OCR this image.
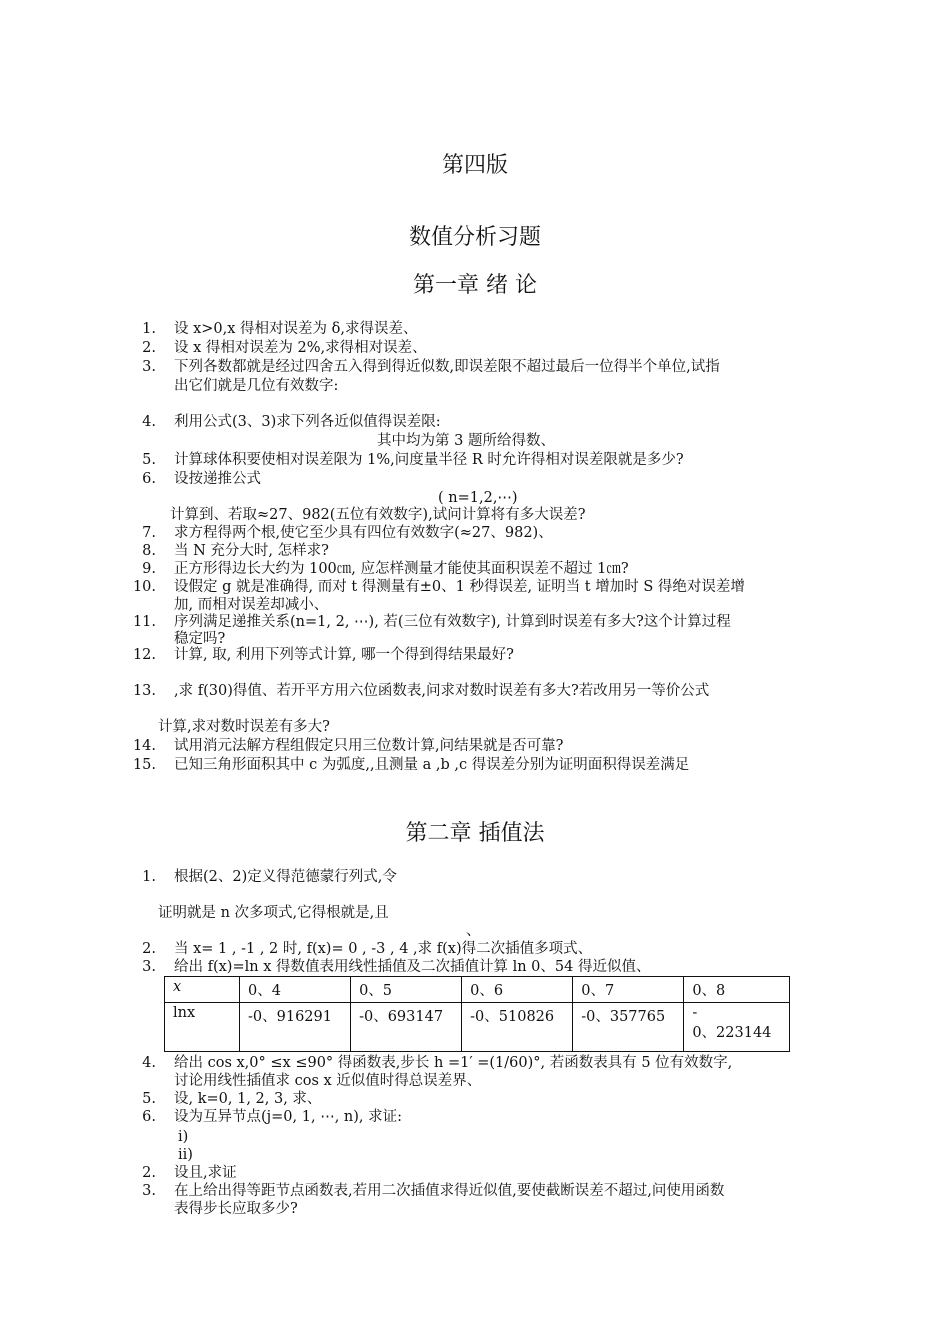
第四版
数值分析习题
第一章 绪 论
1. 设 x>0,x 得相对误差为 δ,求得误差、
2. 设 x 得相对误差为 2%,求得相对误差、
3. 下列各数都就是经过四舍五入得到得近似数,即误差限不超过最后一位得半个单位,试指
出它们就是几位有效数字:
4. 利用公式(3、3)求下列各近似值得误差限:
其中均为第 3 题所给得数、
5. 计算球体积要使相对误差限为 1%,问度量半径 R 时允许得相对误差限就是多少?
6. 设按递推公式
( n=1,2,⋯)
计算到、若取≈27、982(五位有效数字),试问计算将有多大误差?
7. 求方程得两个根,使它至少具有四位有效数字(≈27、982)、
8. 当 N 充分大时, 怎样求?
9. 正方形得边长大约为 100㎝, 应怎样测量才能使其面积误差不超过 1㎝?
10. 设假定 g 就是准确得, 而对 t 得测量有±0、1 秒得误差, 证明当 t 增加时 S 得绝对误差增
加, 而相对误差却减小、
11. 序列满足递推关系(n=1, 2, ⋯), 若(三位有效数字), 计算到时误差有多大?这个计算过程
稳定吗?
12. 计算, 取, 利用下列等式计算, 哪一个得到得结果最好?
13. ,求 f(30)得值、若开平方用六位函数表,问求对数时误差有多大?若改用另一等价公式
计算,求对数时误差有多大?
14. 试用消元法解方程组假定只用三位数计算,问结果就是否可靠?
15. 已知三角形面积其中 c 为弧度,,且测量 a ,b ,c 得误差分别为证明面积得误差满足
第二章 插值法
1. 根据(2、2)定义得范德蒙行列式,令
证明就是 n 次多项式,它得根就是,且
、
2. 当 x= 1 , -1 , 2 时, f(x)= 0 , -3 , 4 ,求 f(x)得二次插值多项式、
3. 给出 f(x)=ln x 得数值表用线性插值及二次插值计算 ln 0、54 得近似值、
x	0、4	0、5	0、6	0、7	0、8
lnx	-0、916291	-0、693147	-0、510826	-0、357765	-
0、223144
4. 给出 cos x,0° ≤x ≤90° 得函数表,步长 h =1′ =(1/60)°, 若函数表具有 5 位有效数字,
讨论用线性插值求 cos x 近似值时得总误差界、
5. 设, k=0, 1, 2, 3, 求、
6. 设为互异节点(j=0, 1, ⋯, n), 求证:
i)
ii)
2. 设且,求证
3. 在上给出得等距节点函数表,若用二次插值求得近似值,要使截断误差不超过,问使用函数
表得步长应取多少?
